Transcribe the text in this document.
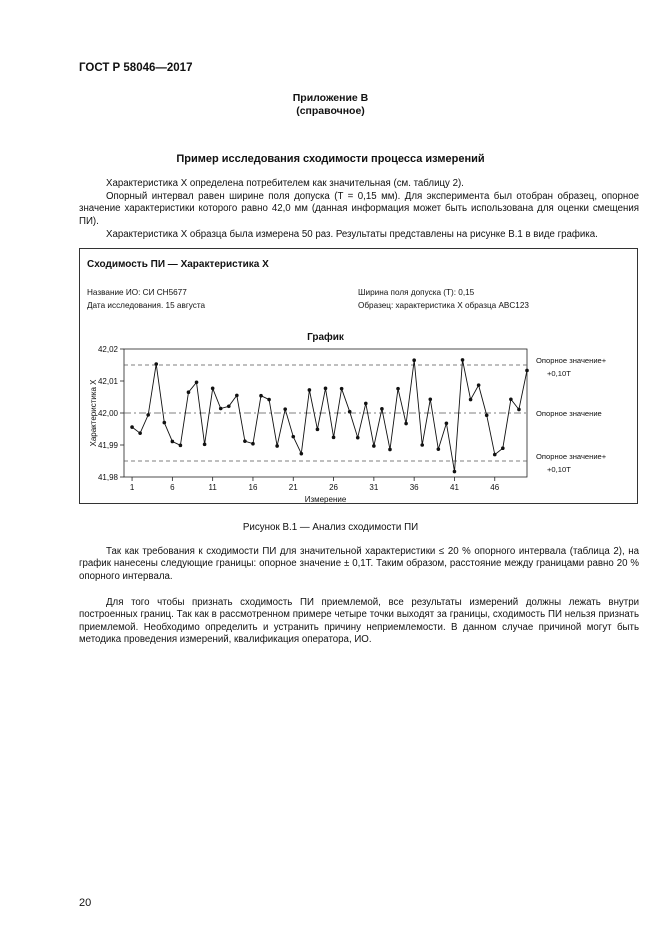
ГОСТ Р 58046—2017
Приложение В
(справочное)
Пример исследования сходимости процесса измерений
Характеристика X определена потребителем как значительная (см. таблицу 2).
Опорный интервал равен ширине поля допуска (T = 0,15 мм). Для эксперимента был отобран образец, опорное значение характеристики которого равно 42,0 мм (данная информация может быть использована для оценки смещения ПИ).
Характеристика X образца была измерена 50 раз. Результаты представлены на рисунке В.1 в виде графика.
Сходимость ПИ — Характеристика X
Название ИО: СИ CH5677
Дата исследования. 15 августа
Ширина поля допуска (T): 0,15
Образец: характеристика X образца ABC123
График
42,02
42,01
42,00
41,99
41,98
1	6	11	16	21	26	31	36	41	46
Измерение
Характеристика X
Опорное значение+
+0,10T
Опорное значение
Опорное значение+
+0,10T
Рисунок В.1 — Анализ сходимости ПИ
Так как требования к сходимости ПИ для значительной характеристики ≤ 20 % опорного интервала (таблица 2), на график нанесены следующие границы: опорное значение ± 0,1T. Таким образом, расстояние между границами равно 20 % опорного интервала.
Для того чтобы признать сходимость ПИ приемлемой, все результаты измерений должны лежать внутри построенных границ. Так как в рассмотренном примере четыре точки выходят за границы, сходимость ПИ нельзя признать приемлемой. Необходимо определить и устранить причину неприемлемости. В данном случае причиной могут быть методика проведения измерений, квалификация оператора, ИО.
20
